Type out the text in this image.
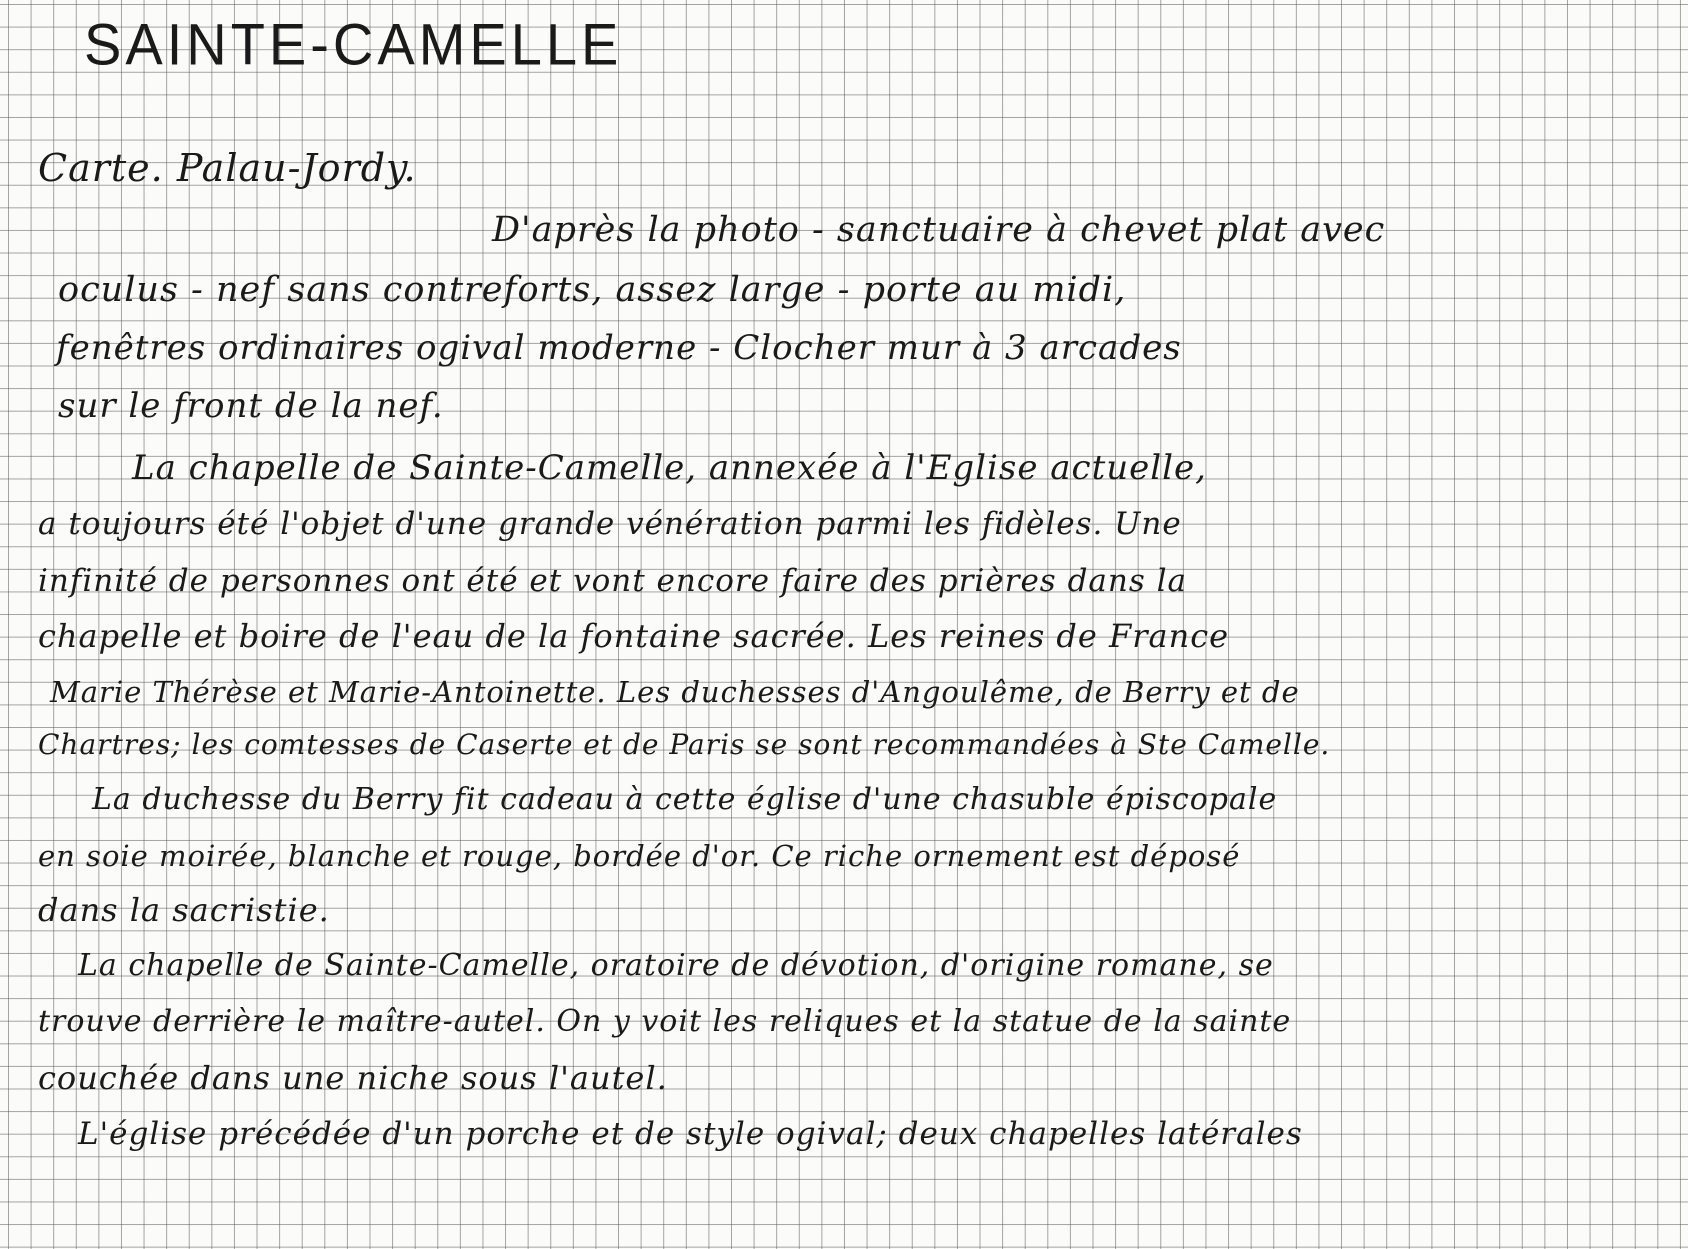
SAINTE-CAMELLE
Carte. Palau-Jordy.
D'après la photo - sanctuaire à chevet plat avec
oculus - nef sans contreforts, assez large - porte au midi,
fenêtres ordinaires ogival moderne - Clocher mur à 3 arcades
sur le front de la nef.
La chapelle de Sainte-Camelle, annexée à l'Eglise actuelle,
a toujours été l'objet d'une grande vénération parmi les fidèles. Une
infinité de personnes ont été et vont encore faire des prières dans la
chapelle et boire de l'eau de la fontaine sacrée. Les reines de France
Marie Thérèse et Marie-Antoinette. Les duchesses d'Angoulême, de Berry et de
Chartres; les comtesses de Caserte et de Paris se sont recommandées à Ste Camelle.
La duchesse du Berry fit cadeau à cette église d'une chasuble épiscopale
en soie moirée, blanche et rouge, bordée d'or. Ce riche ornement est déposé
dans la sacristie.
La chapelle de Sainte-Camelle, oratoire de dévotion, d'origine romane, se
trouve derrière le maître-autel. On y voit les reliques et la statue de la sainte
couchée dans une niche sous l'autel.
L'église précédée d'un porche et de style ogival; deux chapelles latérales
